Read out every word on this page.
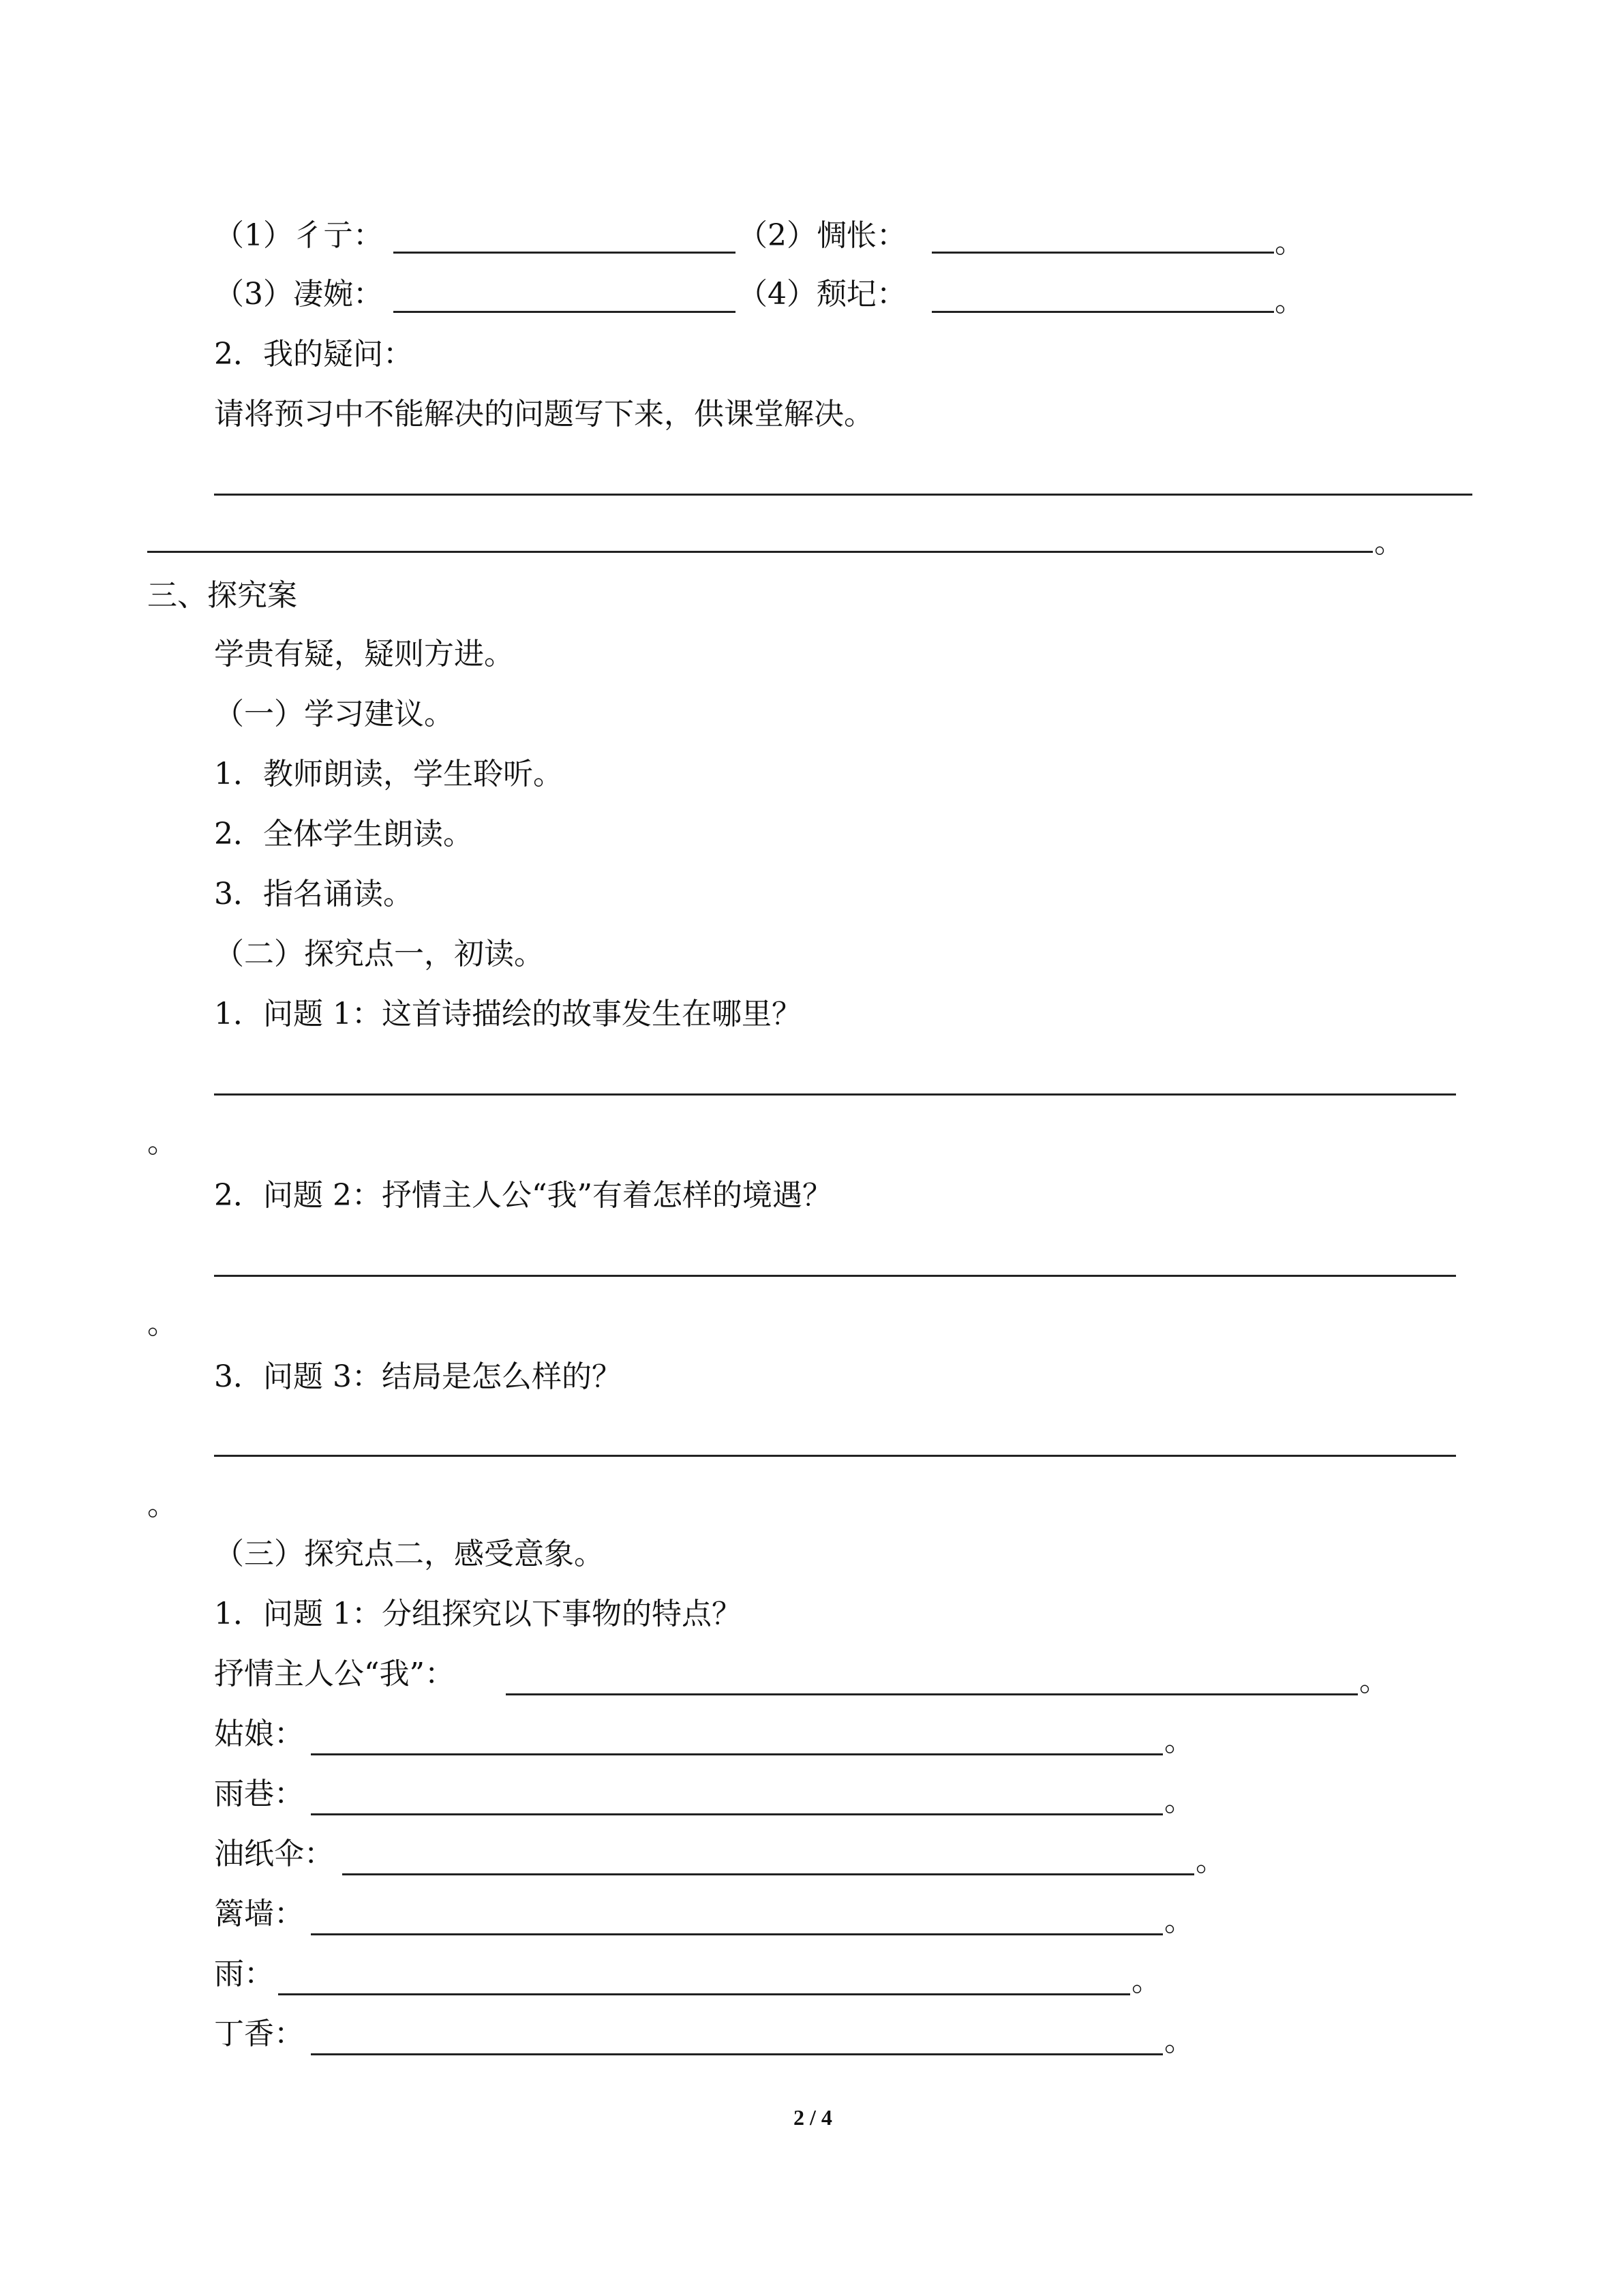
（1）彳亍：	（2）惆怅：	。
（3）凄婉：	（4）颓圮：	。
2．我的疑问：
请将预习中不能解决的问题写下来，供课堂解决。
。
三、探究案
学贵有疑，疑则方进。
（一）学习建议。
1．教师朗读，学生聆听。
2．全体学生朗读。
3．指名诵读。
（二）探究点一，初读。
1．问题 1：这首诗描绘的故事发生在哪里？
。
2．问题 2：抒情主人公“我”有着怎样的境遇？
。
3．问题 3：结局是怎么样的？
。
（三）探究点二，感受意象。
1．问题 1：分组探究以下事物的特点？
抒情主人公“我”：	。
姑娘：	。
雨巷：	。
油纸伞：	。
篱墙：	。
雨：	。
丁香：	。
2 / 4
